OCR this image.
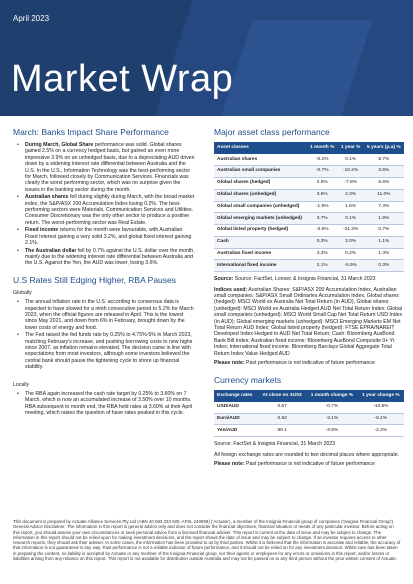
April 2023
Market Wrap
March: Banks Impact Share Performance
• During March, Global Share performance was solid. Global shares gained 2.5% on a currency hedged basis, but gained an even more impressive 3.9% on an unhedged basis, due to a depreciating AUD driven down by a widening interest rate differential between Australia and the U.S. In the U.S., Information Technology was the best-performing sector for March, followed closely by Communication Services. Financials was clearly the worst performing sector, which was no surprise given the issues in the banking sector during the month.
• Australian shares fell during slightly during March, with the broad market index, the S&P/ASX 200 Accumulation Index losing 0.2%. The best-performing sectors were Materials, Communication Services and Utilities. Consumer Discretionary was the only other sector to produce a positive return. The worst-performing sector was Real Estate.
• Fixed income returns for the month were favourable, with Australian Fixed Interest gaining a very solid 3.2%, and global fixed interest gaining 2.1%.
• The Australian dollar fell by 0.7% against the U.S. dollar over the month, mainly due to the widening interest rate differential between Australia and the U.S. Against the Yen, the AUD was lower, losing 3.6%.
U.S Rates Still Edging Higher, RBA Pauses
Globally
• The annual inflation rate in the U.S. according to consensus data is expected to have slowed for a ninth consecutive period to 5.2% for March 2023, when the official figures are released in April. This is the lowest since May 2021, and down from 6% in February, brought down by the lower costs of energy and food.
• The Fed raised the fed funds rate by 0.25% to 4.75%-5% in March 2023, matching February's increase, and pushing borrowing costs to new highs since 2007, as inflation remains elevated. The decision came in line with expectations from most investors, although some investors believed the central bank should pause the tightening cycle to shore up financial stability.
Locally
• The RBA again increased the cash rate target by 0.25% to 3.60% on 7 March, which is now an accumulated increase of 3.50% over 10 months. RBA subsequent to month end, the RBA held rates at 3.60% at their April meeting, which raises the question of have rates peaked in this cycle.
Major asset class performance
Asset classes	1 month %	1 year %	5 years (p.a) %
Australian shares	-0.2%	0.1%	8.7%
Australian small companies	-0.7%	-10.2%	3.6%
Global shares (hedged)	2.5%	-7.8%	6.6%
Global shares (unhedged)	3.6%	4.3%	11.0%
Global small companies (unhedged)	-1.9%	1.6%	7.3%
Global emerging markets (unhedged)	3.7%	0.1%	1.9%
Global listed property (hedged)	-3.9%	-21.3%	0.7%
Cash	0.3%	2.0%	1.1%
Australian fixed income	3.2%	0.2%	1.3%
International fixed income	2.1%	-5.5%	0.3%
Source: Source: FactSet, Lonsec & Insignia Financial, 31 March 2023
Indices used: Australian Shares: S&P/ASX 200 Accumulation Index, Australian small companies: S&P/ASX Small Ordinaries Accumulation Index, Global shares (hedged): MSCI World ex Australia Net Total Return (in AUD), Global shares (unhedged): MSCI World ex Australia Hedged AUD Net Total Return Index; Global small companies (unhedged): MSCI World Small Cap Net Total Return USD Index (in AUD); Global emerging markets (unhedged): MSCI Emerging Markets EM Net Total Return AUD Index; Global listed property (hedged): FTSE EPRA/NAREIT Developed Index Hedged to AUD Net Total Return; Cash: Bloomberg AusBond Bank Bill Index; Australian fixed income: Bloomberg AusBond Composite 0+ Yr Index; International fixed income: Bloomberg Barclays Global Aggregate Total Return Index Value Hedged AUD
Please note: Past performance is not indicative of future performance
Currency markets
Exchange rates	At close on 31/03	1 month change %	1 year change %
USD/AUD	0.67	-0.7%	-10.8%
Euro/AUD	0.62	-3.1%	-8.1%
Yen/AUD	89.1	-3.6%	-2.2%
Source: FactSet & Insignia Financial, 31 March 2023
All foreign exchange rates are rounded to two decimal places where appropriate.
Please note: Past performance is not indicative of future performance
This document is prepared by Actuate Alliance Services Pty Ltd (ABN 40 083 233 925, AFSL 240959) ('Actuate'), a member of the Insignia Financial group of companies ('Insignia Financial Group'). General Advice Disclaimer: The information in this report is general advice only and does not consider the financial objectives, financial situation or needs of any particular investor. Before acting on this report, you should assess your own circumstances or seek personal advice from a licensed financial adviser. This report is current at the date of issue and may be subject to change. The information in this report should not be relied upon for making investment decisions, and the report shows the date of issue and may be subject to change. If an investor requires access to other research reports, they should ask their adviser. In some cases, the information has been provided to us by third parties. Whilst it is believed that the information is accurate and reliable, the accuracy of that information is not guaranteed in any way. Past performance is not a reliable indicator of future performance, and it should not be relied on for any investment decision. Whilst care has been taken in preparing the content, no liability is accepted by Actuate or any member of the Insignia Financial group, nor their agents or employees for any errors or omissions in this report, and/or losses or liabilities arising from any reliance on this report. This report is not available for distribution outside Australia and may not be passed on to any third person without the prior written consent of Actuate.
